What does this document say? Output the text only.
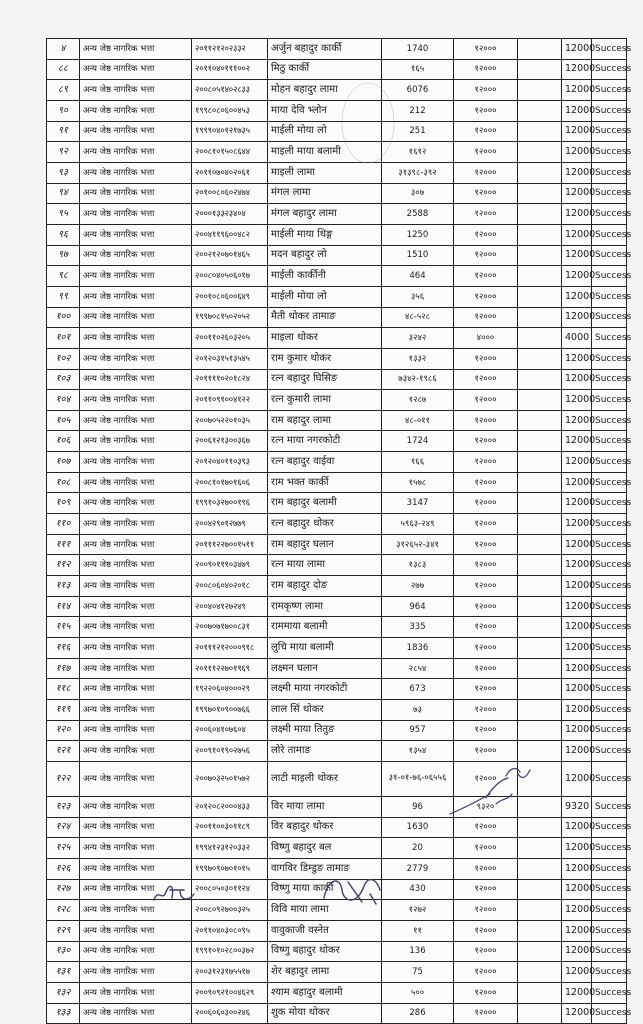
४	अन्य जेष्ठ नागरिक भत्ता	२०११२१२०२३३२	अर्जुन बहादुर कार्की	1740	१२०००		12000	Success
८८	अन्य जेष्ठ नागरिक भत्ता	२०११०४०१११००२	मिठु कार्की	१६५	१२०००		12000	Success
८९	अन्य जेष्ठ नागरिक भत्ता	२००८०५१४०२८३३	मोहन बहादुर लामा	6076	१२०००		12000	Success
९०	अन्य जेष्ठ नागरिक भत्ता	१९९८०८०६००४५३	माया देवि भ्लोन	212	१२०००		12000	Success
९१	अन्य जेष्ठ नागरिक भत्ता	१९९९०४०१२१७३५	माईली मोया लो	251	१२०००		12000	Success
९२	अन्य जेष्ठ नागरिक भत्ता	२००८१०१५०८६४४	माइली माया बलामी	१६१२	१२०००		12000	Success
९३	अन्य जेष्ठ नागरिक भत्ता	२०११०७०४०२०६१	माइली लामा	३१३९८-३९२	१२०००		12000	Success
९४	अन्य जेष्ठ नागरिक भत्ता	२०१००८०६०२४७४	मंगल लामा	३०७	१२०००		12000	Success
९५	अन्य जेष्ठ नागरिक भत्ता	२०००१३३२३४०४	मंगल बहादुर लामा	2588	१२०००		12000	Success
९६	अन्य जेष्ठ नागरिक भत्ता	२००४११९६००४८२	माईली माया थिङ्ग	1250	१२०००		12000	Success
९७	अन्य जेष्ठ नागरिक भत्ता	२००२१२०७०१४६५	मदन बहादुर लो	1510	१२०००		12000	Success
९८	अन्य जेष्ठ नागरिक भत्ता	२००८०४०५०६०१७	माईली कार्कीनी	464	१२०००		12000	Success
९९	अन्य जेष्ठ नागरिक भत्ता	२००१०८०६००६४९	माईली मोया लो	३५६	१२०००		12000	Success
१००	अन्य जेष्ठ नागरिक भत्ता	१९९७०८१५०२०५२	मैती थोकर तामाङ	४८-५२८	१२०००		12000	Success
१०१	अन्य जेष्ठ नागरिक भत्ता	२००११०२६०३२०५	माइला थोकर	३२४२	४०००		4000	Success
१०२	अन्य जेष्ठ नागरिक भत्ता	२०१२०३१५१३५४५	राम कुमार थोकर	१३३२	१२०००		12000	Success
१०३	अन्य जेष्ठ नागरिक भत्ता	२०११११०२०१८२४	रत्न बहादुर घिसिङ	७३४२-१९८६	१२०००		12000	Success
१०४	अन्य जेष्ठ नागरिक भत्ता	२०११०९१००४१२२	रत्न कुमारी लामा	१२८७	१२०००		12000	Success
१०५	अन्य जेष्ठ नागरिक भत्ता	२००७०५२२०१०३५	राम बहादुर लामा	४८-०११	१२०००		12000	Success
१०६	अन्य जेष्ठ नागरिक भत्ता	२००६१२१३००३६७	रत्न माया नगरकोटी	1724	१२०००		12000	Success
१०७	अन्य जेष्ठ नागरिक भत्ता	२०१२०४०११०३९३	रत्न बहादुर वाईवा	१६६	१२०००		12000	Success
१०८	अन्य जेष्ठ नागरिक भत्ता	२००८१०१७०१६०६	राम भक्त कार्की	१५७८	१२०००		12000	Success
१०९	अन्य जेष्ठ नागरिक भत्ता	१९९१०३२७००१९६	राम बहादुर बलामी	3147	१२०००		12000	Success
११०	अन्य जेष्ठ नागरिक भत्ता	२००४२९०१२७७९	रत्न बहादुर थोकर	५९६३-२४९	१२०००		12000	Success
१११	अन्य जेष्ठ नागरिक भत्ता	२०१११२२७००१५११	राम बहादुर घलान	३१२६५२-३४१	१२०००		12000	Success
११२	अन्य जेष्ठ नागरिक भत्ता	२००९०१११०३४७९	रत्न माया लामा	१३८३	१२०००		12000	Success
११३	अन्य जेष्ठ नागरिक भत्ता	२००८०६०४०२०१८	राम बहादुर दोङ	२७७	१२०००		12000	Success
११४	अन्य जेष्ठ नागरिक भत्ता	२००४०४१२७२४९	रामकृष्ण लामा	964	१२०००		12000	Success
११५	अन्य जेष्ठ नागरिक भत्ता	२००७०७१७००८३१	राममाया बलामी	335	१२०००		12000	Success
११६	अन्य जेष्ठ नागरिक भत्ता	२०१११२१२०००९१८	लुचि माया बलामी	1836	१२०००		12000	Success
११७	अन्य जेष्ठ नागरिक भत्ता	२०१११२२७०१९६९	लक्ष्मन घलान	२८५४	१२०००		12000	Success
११८	अन्य जेष्ठ नागरिक भत्ता	१९२२०६०४०००२९	लक्ष्मी माया नगरकोटी	673	१२०००		12000	Success
११९	अन्य जेष्ठ नागरिक भत्ता	१९९७०१०९००७६६	लाल सिं थोकर	७३	१२०००		12000	Success
१२०	अन्य जेष्ठ नागरिक भत्ता	२००६०४१०७६०४	लक्ष्मी माया तितुङ	957	१२०००		12000	Success
१२१	अन्य जेष्ठ नागरिक भत्ता	२००९१०१९०२७५६	लोरे तामाङ	१३५४	१२०००		12000	Success
१२२	अन्य जेष्ठ नागरिक भत्ता	२००७०३२५०१५७२	लाटी माइली थोकर	३१-०१-७६-०६५५६	१२०००		12000	Success
१२३	अन्य जेष्ठ नागरिक भत्ता	२०१२०८२०००४३३	विर माया लामा	96	९३२०		9320	Success
१२४	अन्य जेष्ठ नागरिक भत्ता	२००११००३०११८९	विर बहादुर थोकर	1630	१२०००		12000	Success
१२५	अन्य जेष्ठ नागरिक भत्ता	१९९४१२३१२०३३२	विष्णु बहादुर बल	20	१२०००		12000	Success
१२६	अन्य जेष्ठ नागरिक भत्ता	१९९७०९०७०१०१५	वागविर डिम्डुङ तामाङ	2779	१२०००		12000	Success
१२७	अन्य जेष्ठ नागरिक भत्ता	२००८०५०३०११२४	विष्णु माया कार्की	430	१२०००		12000	Success
१२८	अन्य जेष्ठ नागरिक भत्ता	२००८०९२७००३२५	विवि माया लामा	१२७२	१२०००		12000	Success
१२९	अन्य जेष्ठ नागरिक भत्ता	२०११०४०३०८०९५	वावुकाजी वस्नेत	११	१२०००		12000	Success
१३०	अन्य जेष्ठ नागरिक भत्ता	१९९१०१०२८००३७२	विष्णु बहादुर थोकर	136	१२०००		12000	Success
१३१	अन्य जेष्ठ नागरिक भत्ता	२००३१२३१७५५१७	शेर बहादुर लामा	75	१२०००		12000	Success
१३२	अन्य जेष्ठ नागरिक भत्ता	२००९०९२१००४६२९	श्याम बहादुर बलामी	५००	१२०००		12000	Success
१३३	अन्य जेष्ठ नागरिक भत्ता	२००६०६०३००२४६	शुक मोया थोकर	286	१२०००		12000	Success
